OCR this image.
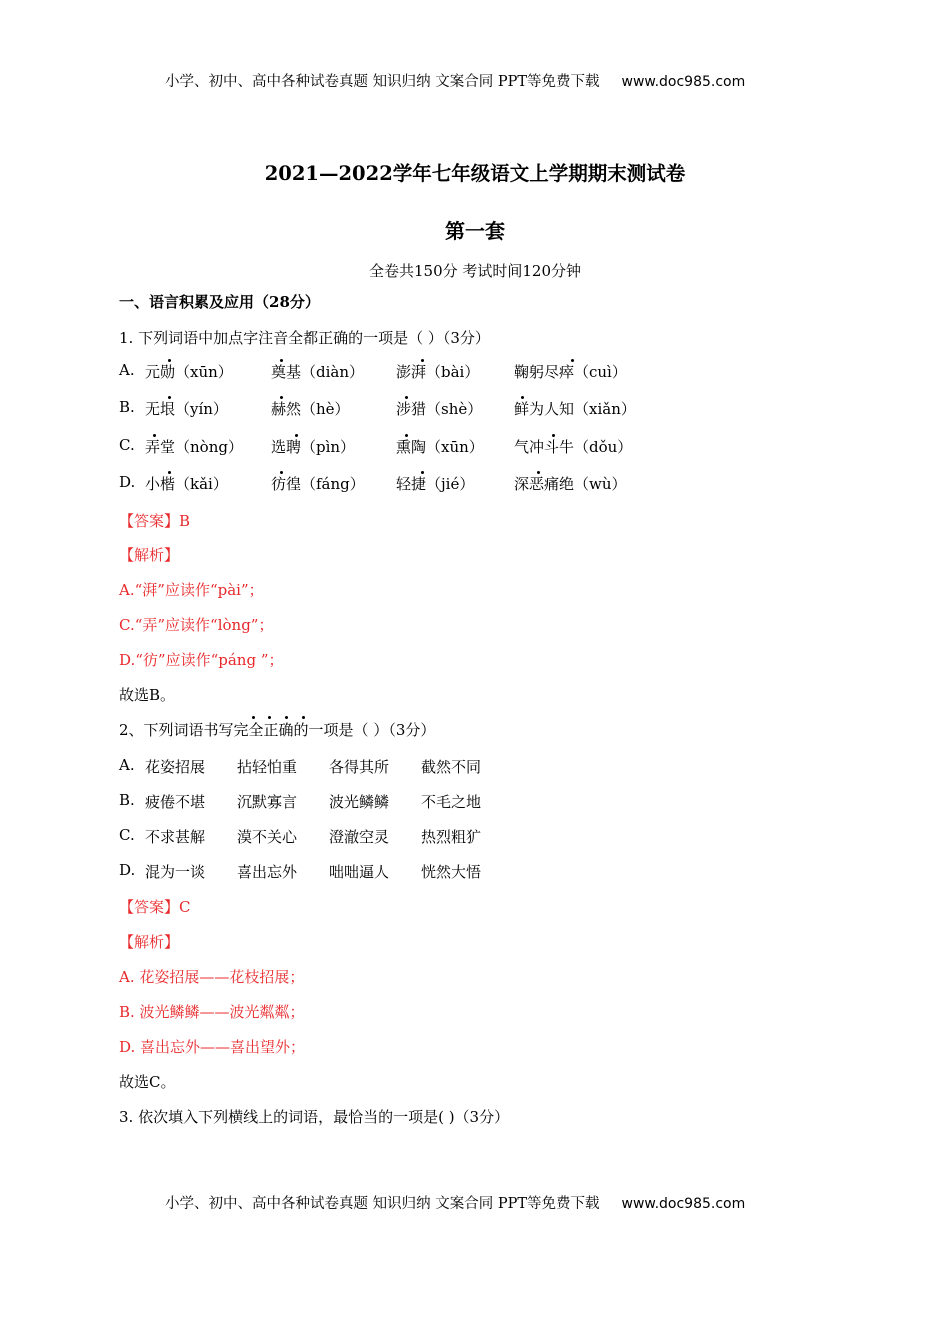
小学、初中、高中各种试卷真题 知识归纳 文案合同 PPT等免费下载 www.doc985.com
2021—2022学年七年级语文上学期期末测试卷
第一套
全卷共150分 考试时间120分钟
一、语言积累及应用（28分）
1. 下列词语中加点字注音全都正确的一项是（ ）（3分）
A. 元勋（xūn）	奠基（diàn） 澎湃（bài） 鞠躬尽瘁（cuì）
B. 无垠（yín）	赫然（hè）	涉猎（shè） 鲜为人知（xiǎn）
C. 弄堂（nòng） 选聘（pìn）	熏陶（xūn） 气冲斗牛（dǒu）
D. 小楷（kǎi）	彷徨（fáng） 轻捷（jié）	深恶痛绝（wù）
【答案】B
【解析】
A.“湃”应读作“pài”；
C.“弄”应读作“lòng”；
D.“彷”应读作“páng ”；
故选B。
2、下列词语书写完全正确的一项是（ ）（3分）
A. 花姿招展 拈轻怕重 各得其所 截然不同
B. 疲倦不堪 沉默寡言 波光鳞鳞 不毛之地
C. 不求甚解 漠不关心 澄澈空灵 热烈粗犷
D. 混为一谈 喜出忘外 咄咄逼人 恍然大悟
【答案】C
【解析】
A. 花姿招展——花枝招展；
B. 波光鳞鳞——波光粼粼；
D. 喜出忘外——喜出望外；
故选C。
3. 依次填入下列横线上的词语，最恰当的一项是( )（3分）
小学、初中、高中各种试卷真题 知识归纳 文案合同 PPT等免费下载 www.doc985.com
